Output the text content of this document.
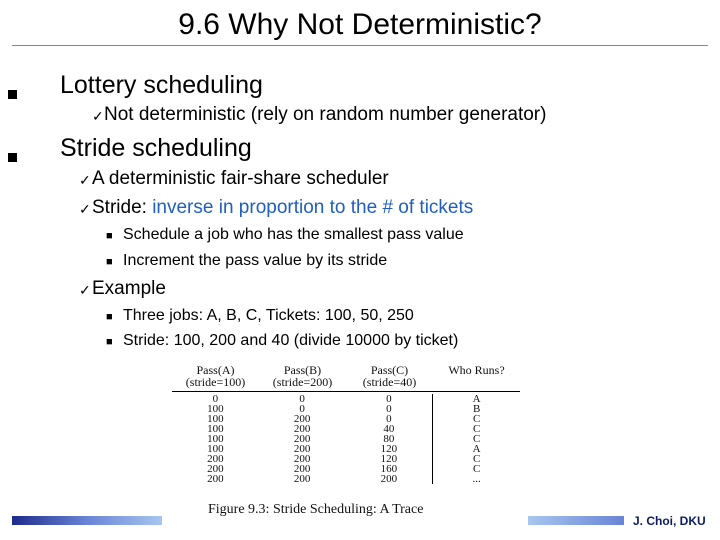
9.6 Why Not Deterministic?
Lottery scheduling
✓ Not deterministic (rely on random number generator)
Stride scheduling
✓ A deterministic fair-share scheduler
✓ Stride: inverse in proportion to the # of tickets
■ Schedule a job who has the smallest pass value
■ Increment the pass value by its stride
✓ Example
■ Three jobs: A, B, C, Tickets: 100, 50, 250
■ Stride: 100, 200 and 40 (divide 10000 by ticket)
Pass(A)
(stride=100)
Pass(B)
(stride=200)
Pass(C)
(stride=40)
Who Runs?
0
100
100
100
100
100
200
200
200
0
0
200
200
200
200
200
200
200
0
0
0
40
80
120
120
160
200
A
B
C
C
C
A
C
C
...
Figure 9.3: Stride Scheduling: A Trace
J. Choi, DKU
